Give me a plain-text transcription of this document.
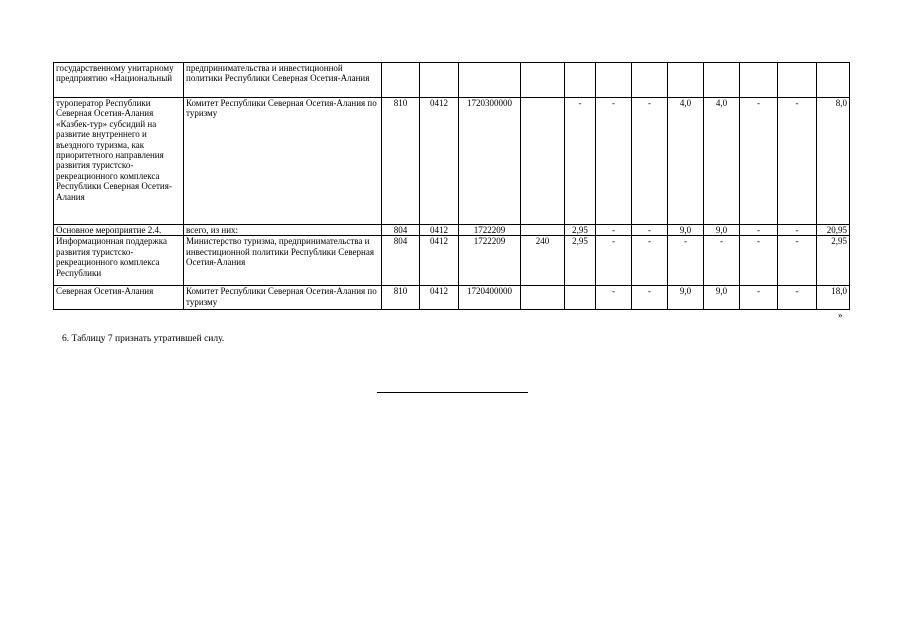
государственному унитарному предприятию «Национальный	предпринимательства и инвестиционной политики Республики Северная Осетия-Алания												
туроператор Республики Северная Осетия-Алания «Казбек-тур» субсидий на развитие внутреннего и въездного туризма, как приоритетного направления развития туристско-рекреационного комплекса Республики Северная Осетия-Алания	Комитет Республики Северная Осетия-Алания по туризму	810	0412	1720300000		-	-	-	4,0	4,0	-	-	8,0
Основное мероприятие 2.4.	всего, из них:	804	0412	1722209		2,95	-	-	9,0	9,0	-	-	20,95
Информационная поддержка развития туристско-рекреационного комплекса Республики	Министерство туризма, предпринимательства и инвестиционной политики Республики Северная Осетия-Алания	804	0412	1722209	240	2,95	-	-	-	-	-	-	2,95
Северная Осетия-Алания	Комитет Республики Северная Осетия-Алания по туризму	810	0412	1720400000			-	-	9,0	9,0	-	-	18,0
»
6. Таблицу 7 признать утратившей силу.
